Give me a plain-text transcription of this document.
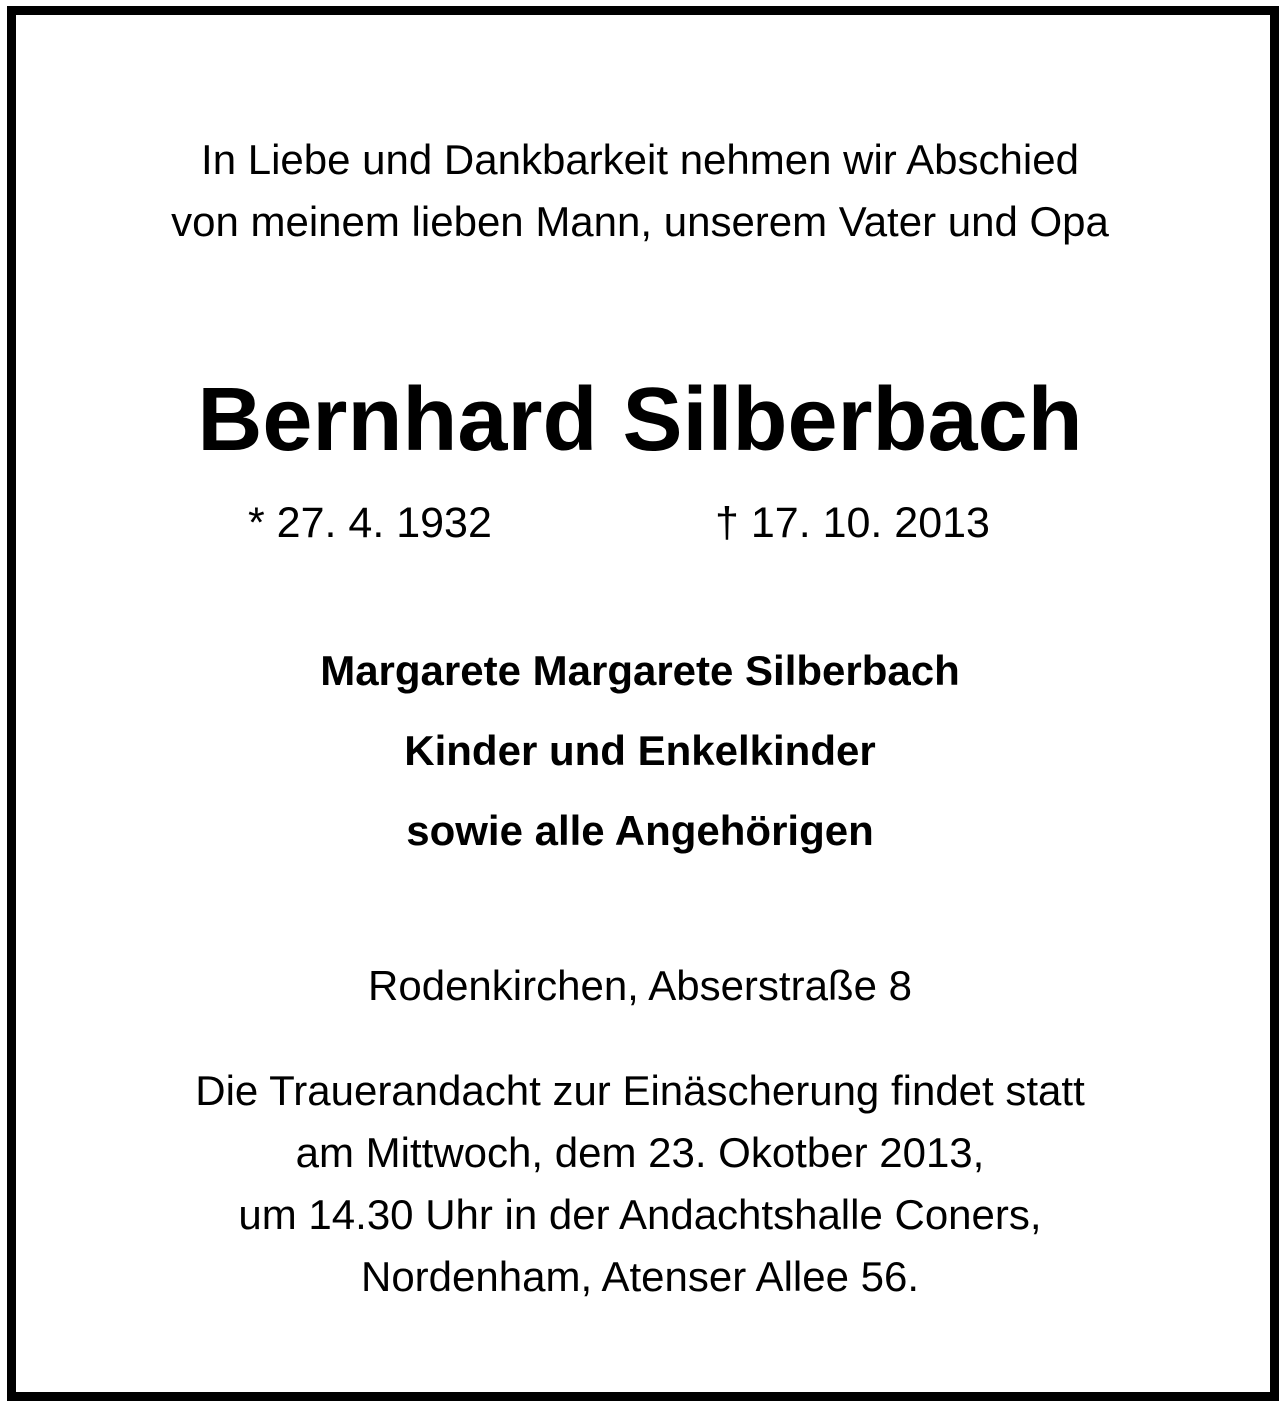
In Liebe und Dankbarkeit nehmen wir Abschied
von meinem lieben Mann, unserem Vater und Opa
Bernhard Silberbach
* 27. 4. 1932	† 17. 10. 2013
Margarete Margarete Silberbach
Kinder und Enkelkinder
sowie alle Angehörigen
Rodenkirchen, Abserstraße 8
Die Trauerandacht zur Einäscherung findet statt
am Mittwoch, dem 23. Okotber 2013,
um 14.30 Uhr in der Andachtshalle Coners,
Nordenham, Atenser Allee 56.
